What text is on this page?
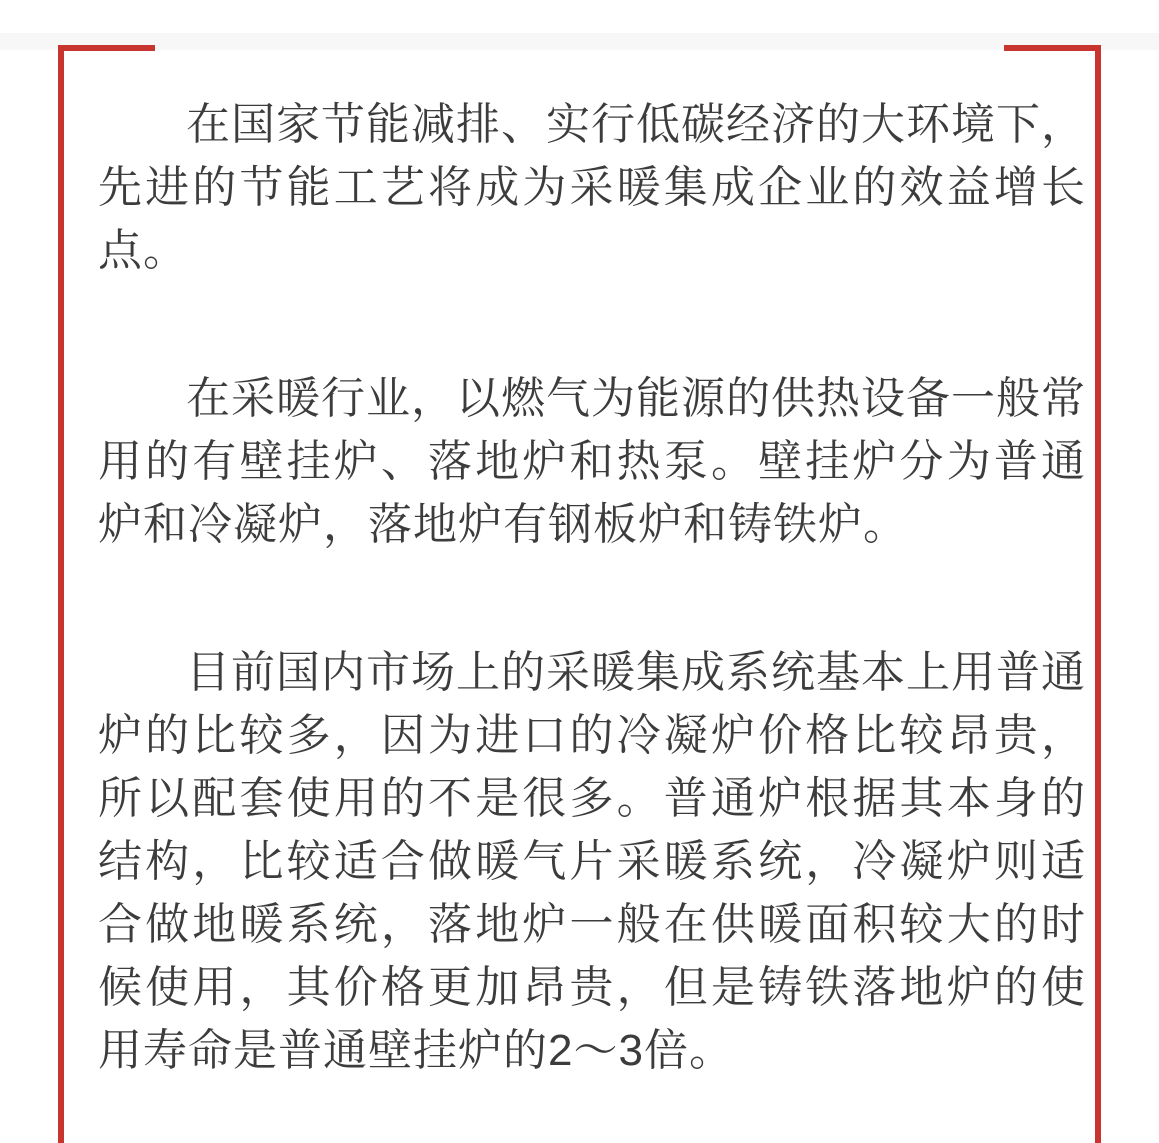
在国家节能减排、实行低碳经济的大环境下，先进的节能工艺将成为采暖集成企业的效益增长点。

在采暖行业，以燃气为能源的供热设备一般常用的有壁挂炉、落地炉和热泵。壁挂炉分为普通炉和冷凝炉，落地炉有钢板炉和铸铁炉。

目前国内市场上的采暖集成系统基本上用普通炉的比较多，因为进口的冷凝炉价格比较昂贵，所以配套使用的不是很多。普通炉根据其本身的结构，比较适合做暖气片采暖系统，冷凝炉则适合做地暖系统，落地炉一般在供暖面积较大的时候使用，其价格更加昂贵，但是铸铁落地炉的使用寿命是普通壁挂炉的2～3倍。
